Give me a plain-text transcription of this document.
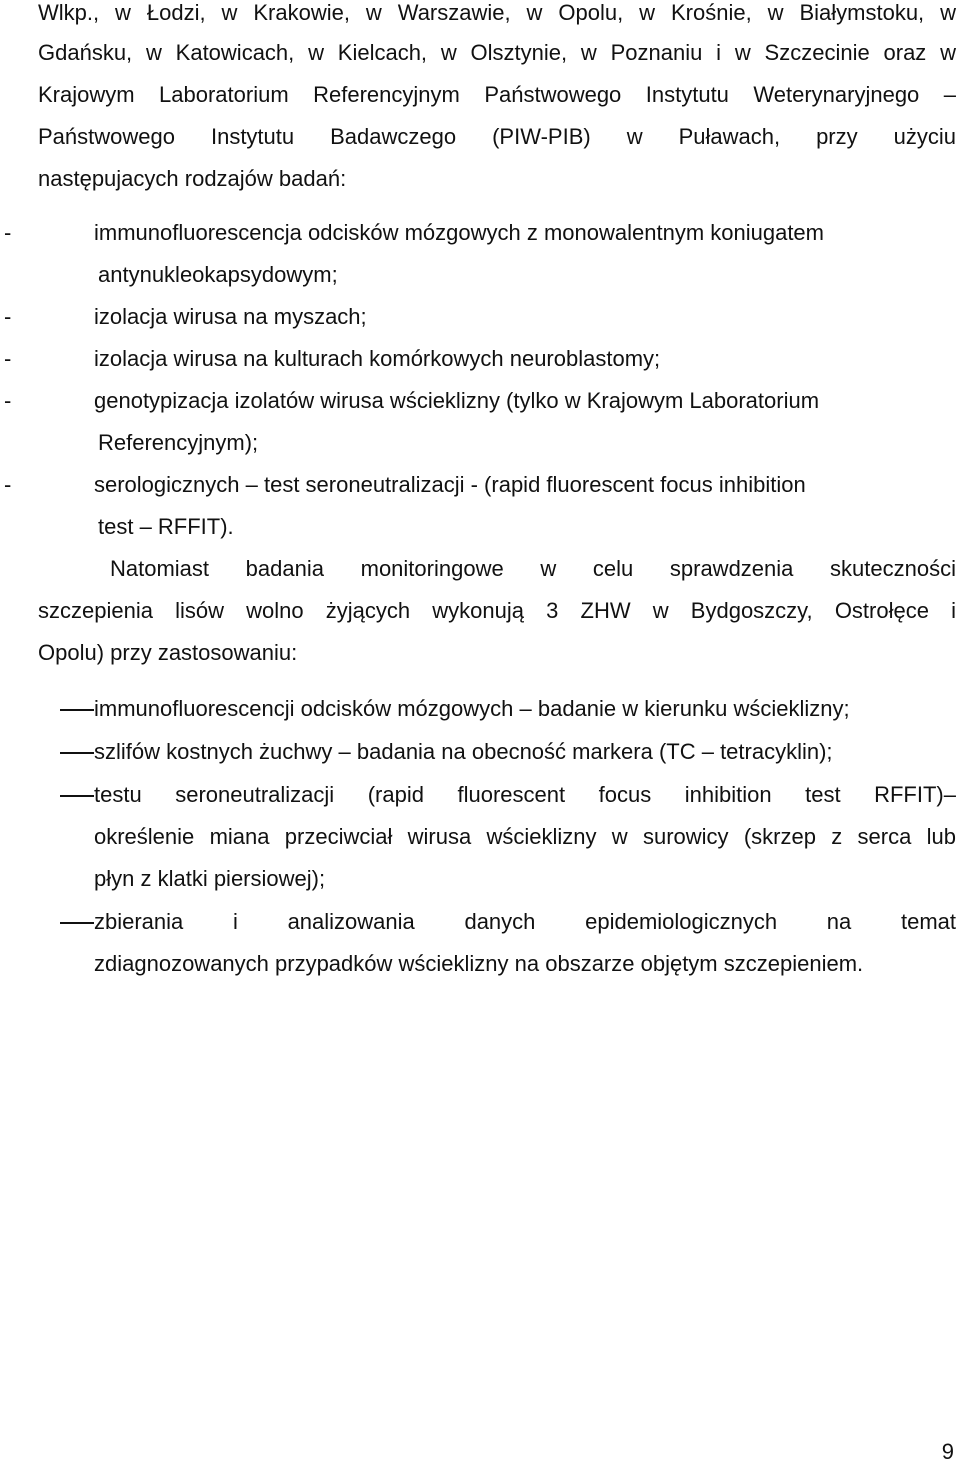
Wlkp., w Łodzi, w Krakowie, w Warszawie, w Opolu, w Krośnie, w Białymstoku, w
Gdańsku, w Katowicach, w Kielcach, w Olsztynie, w Poznaniu i w Szczecinie oraz w
Krajowym Laboratorium Referencyjnym Państwowego Instytutu Weterynaryjnego –
Państwowego Instytutu Badawczego (PIW-PIB) w Puławach, przy użyciu
następujacych rodzajów badań:
-	immunofluorescencja odcisków mózgowych z monowalentnym koniugatem
antynukleokapsydowym;
-	izolacja wirusa na myszach;
-	izolacja wirusa na kulturach komórkowych neuroblastomy;
-	genotypizacja izolatów wirusa wścieklizny (tylko w Krajowym Laboratorium
Referencyjnym);
-	serologicznych – test seroneutralizacji - (rapid fluorescent focus inhibition
test – RFFIT).
Natomiast badania monitoringowe w celu sprawdzenia skuteczności
szczepienia lisów wolno żyjących wykonują 3 ZHW w Bydgoszczy, Ostrołęce i
Opolu) przy zastosowaniu:
immunofluorescencji odcisków mózgowych – badanie w kierunku wścieklizny;
szlifów kostnych żuchwy – badania na obecność markera (TC – tetracyklin);
testu seroneutralizacji (rapid fluorescent focus inhibition test RFFIT)–
określenie miana przeciwciał wirusa wścieklizny w surowicy (skrzep z serca lub
płyn z klatki piersiowej);
zbierania i analizowania danych epidemiologicznych na temat
zdiagnozowanych przypadków wścieklizny na obszarze objętym szczepieniem.
9
